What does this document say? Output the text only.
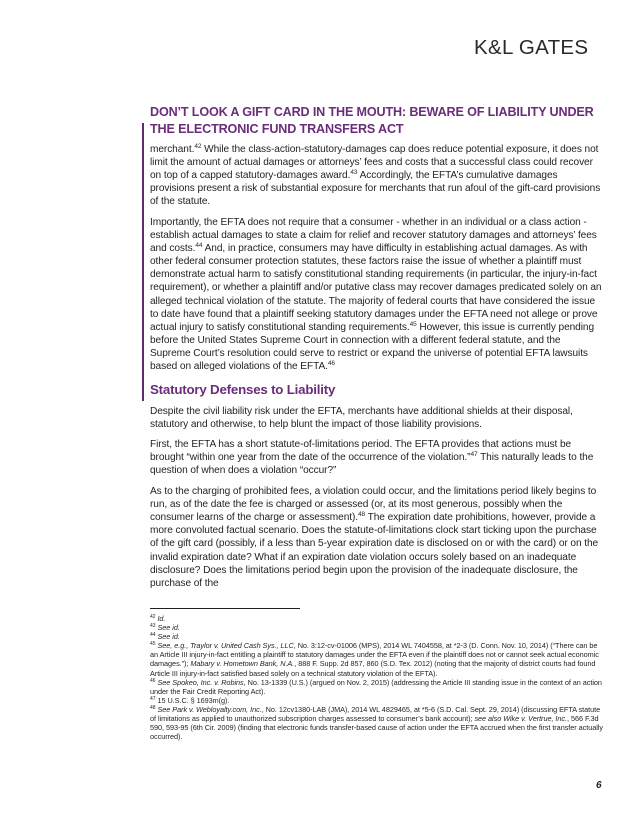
K&L GATES
DON’T LOOK A GIFT CARD IN THE MOUTH: BEWARE OF LIABILITY UNDER THE ELECTRONIC FUND TRANSFERS ACT

merchant.$^{42}$ While the class-action-statutory-damages cap does reduce potential exposure, it does not limit the amount of actual damages or attorneys’ fees and costs that a successful class could recover on top of a capped statutory-damages award.$^{43}$ Accordingly, the EFTA’s cumulative damages provisions present a risk of substantial exposure for merchants that run afoul of the gift-card provisions of the statute.

Importantly, the EFTA does not require that a consumer - whether in an individual or a class action - establish actual damages to state a claim for relief and recover statutory damages and attorneys’ fees and costs.$^{44}$ And, in practice, consumers may have difficulty in establishing actual damages. As with other federal consumer protection statutes, these factors raise the issue of whether a plaintiff must demonstrate actual harm to satisfy constitutional standing requirements (in particular, the injury-in-fact requirement), or whether a plaintiff and/or putative class may recover damages predicated solely on an alleged technical violation of the statute. The majority of federal courts that have considered the issue to date have found that a plaintiff seeking statutory damages under the EFTA need not allege or prove actual injury to satisfy constitutional standing requirements.$^{45}$ However, this issue is currently pending before the United States Supreme Court in connection with a different federal statute, and the Supreme Court’s resolution could serve to restrict or expand the universe of potential EFTA lawsuits based on alleged violations of the EFTA.$^{46}$

Statutory Defenses to Liability

Despite the civil liability risk under the EFTA, merchants have additional shields at their disposal, statutory and otherwise, to help blunt the impact of those liability provisions.

First, the EFTA has a short statute-of-limitations period. The EFTA provides that actions must be brought “within one year from the date of the occurrence of the violation.”$^{47}$ This naturally leads to the question of when does a violation “occur?”

As to the charging of prohibited fees, a violation could occur, and the limitations period likely begins to run, as of the date the fee is charged or assessed (or, at its most generous, possibly when the consumer learns of the charge or assessment).$^{48}$ The expiration date prohibitions, however, provide a more convoluted factual scenario. Does the statute-of-limitations clock start ticking upon the purchase of the gift card (possibly, if a less than 5-year expiration date is disclosed on or with the card) or on the invalid expiration date? What if an expiration date violation occurs solely based on an inadequate disclosure? Does the limitations period begin upon the provision of the inadequate disclosure, the purchase of the

$^{42}$ Id.

$^{43}$ See id.

$^{44}$ See id.

$^{45}$ See, e.g., Traylor v. United Cash Sys., LLC, No. 3:12-cv-01006 (MPS), 2014 WL 7404558, at *2-3 (D. Conn. Nov. 10, 2014) (“There can be an Article III injury-in-fact entitling a plaintiff to statutory damages under the EFTA even if the plaintiff does not or cannot seek actual economic damages.”); Mabary v. Hometown Bank, N.A., 888 F. Supp. 2d 857, 860 (S.D. Tex. 2012) (noting that the majority of district courts had found Article III injury-in-fact satisfied based solely on a technical statutory violation of the EFTA).

$^{46}$ See Spokeo, Inc. v. Robins, No. 13-1339 (U.S.) (argued on Nov. 2, 2015) (addressing the Article III standing issue in the context of an action under the Fair Credit Reporting Act).

$^{47}$ 15 U.S.C. § 1693m(g).

$^{48}$ See Park v. Webloyalty.com, Inc., No. 12cv1380-LAB (JMA), 2014 WL 4829465, at *5-6 (S.D. Cal. Sept. 29, 2014) (discussing EFTA statute of limitations as applied to unauthorized subscription charges assessed to consumer’s bank account); see also Wike v. Vertrue, Inc., 566 F.3d 590, 593-95 (6th Cir. 2009) (finding that electronic funds transfer-based cause of action under the EFTA accrued when the first transfer actually occurred).

6
